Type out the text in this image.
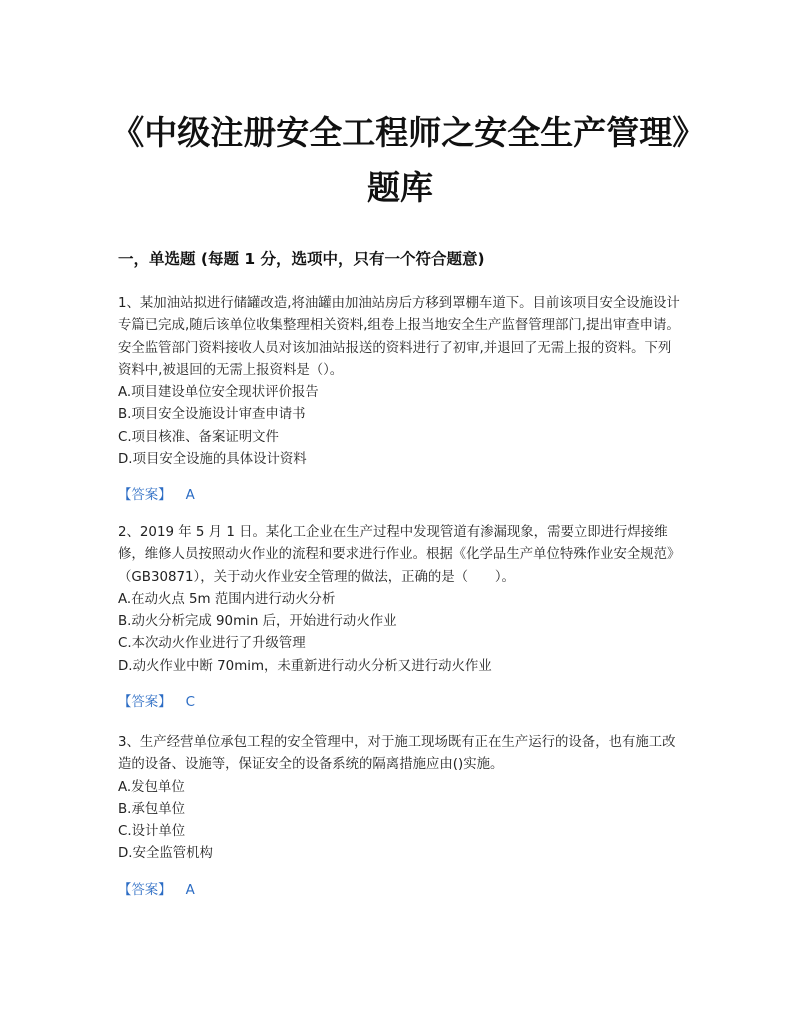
《中级注册安全工程师之安全生产管理》题库
一，单选题 (每题 1 分，选项中，只有一个符合题意)

1、某加油站拟进行储罐改造,将油罐由加油站房后方移到罩棚车道下。目前该项目安全设施设计专篇已完成,随后该单位收集整理相关资料,组卷上报当地安全生产监督管理部门,提出审查申请。安全监管部门资料接收人员对该加油站报送的资料进行了初审,并退回了无需上报的资料。下列资料中,被退回的无需上报资料是（）。

A.项目建设单位安全现状评价报告
B.项目安全设施设计审查申请书
C.项目核准、备案证明文件
D.项目安全设施的具体设计资料
【答案】 A

2、2019 年 5 月 1 日。某化工企业在生产过程中发现管道有渗漏现象，需要立即进行焊接维修，维修人员按照动火作业的流程和要求进行作业。根据《化学品生产单位特殊作业安全规范》（GB30871），关于动火作业安全管理的做法，正确的是（　　）。

A.在动火点 5m 范围内进行动火分析
B.动火分析完成 90min 后，开始进行动火作业
C.本次动火作业进行了升级管理
D.动火作业中断 70mim，未重新进行动火分析又进行动火作业
【答案】 C

3、生产经营单位承包工程的安全管理中，对于施工现场既有正在生产运行的设备，也有施工改造的设备、设施等，保证安全的设备系统的隔离措施应由()实施。

A.发包单位
B.承包单位
C.设计单位
D.安全监管机构
【答案】 A
